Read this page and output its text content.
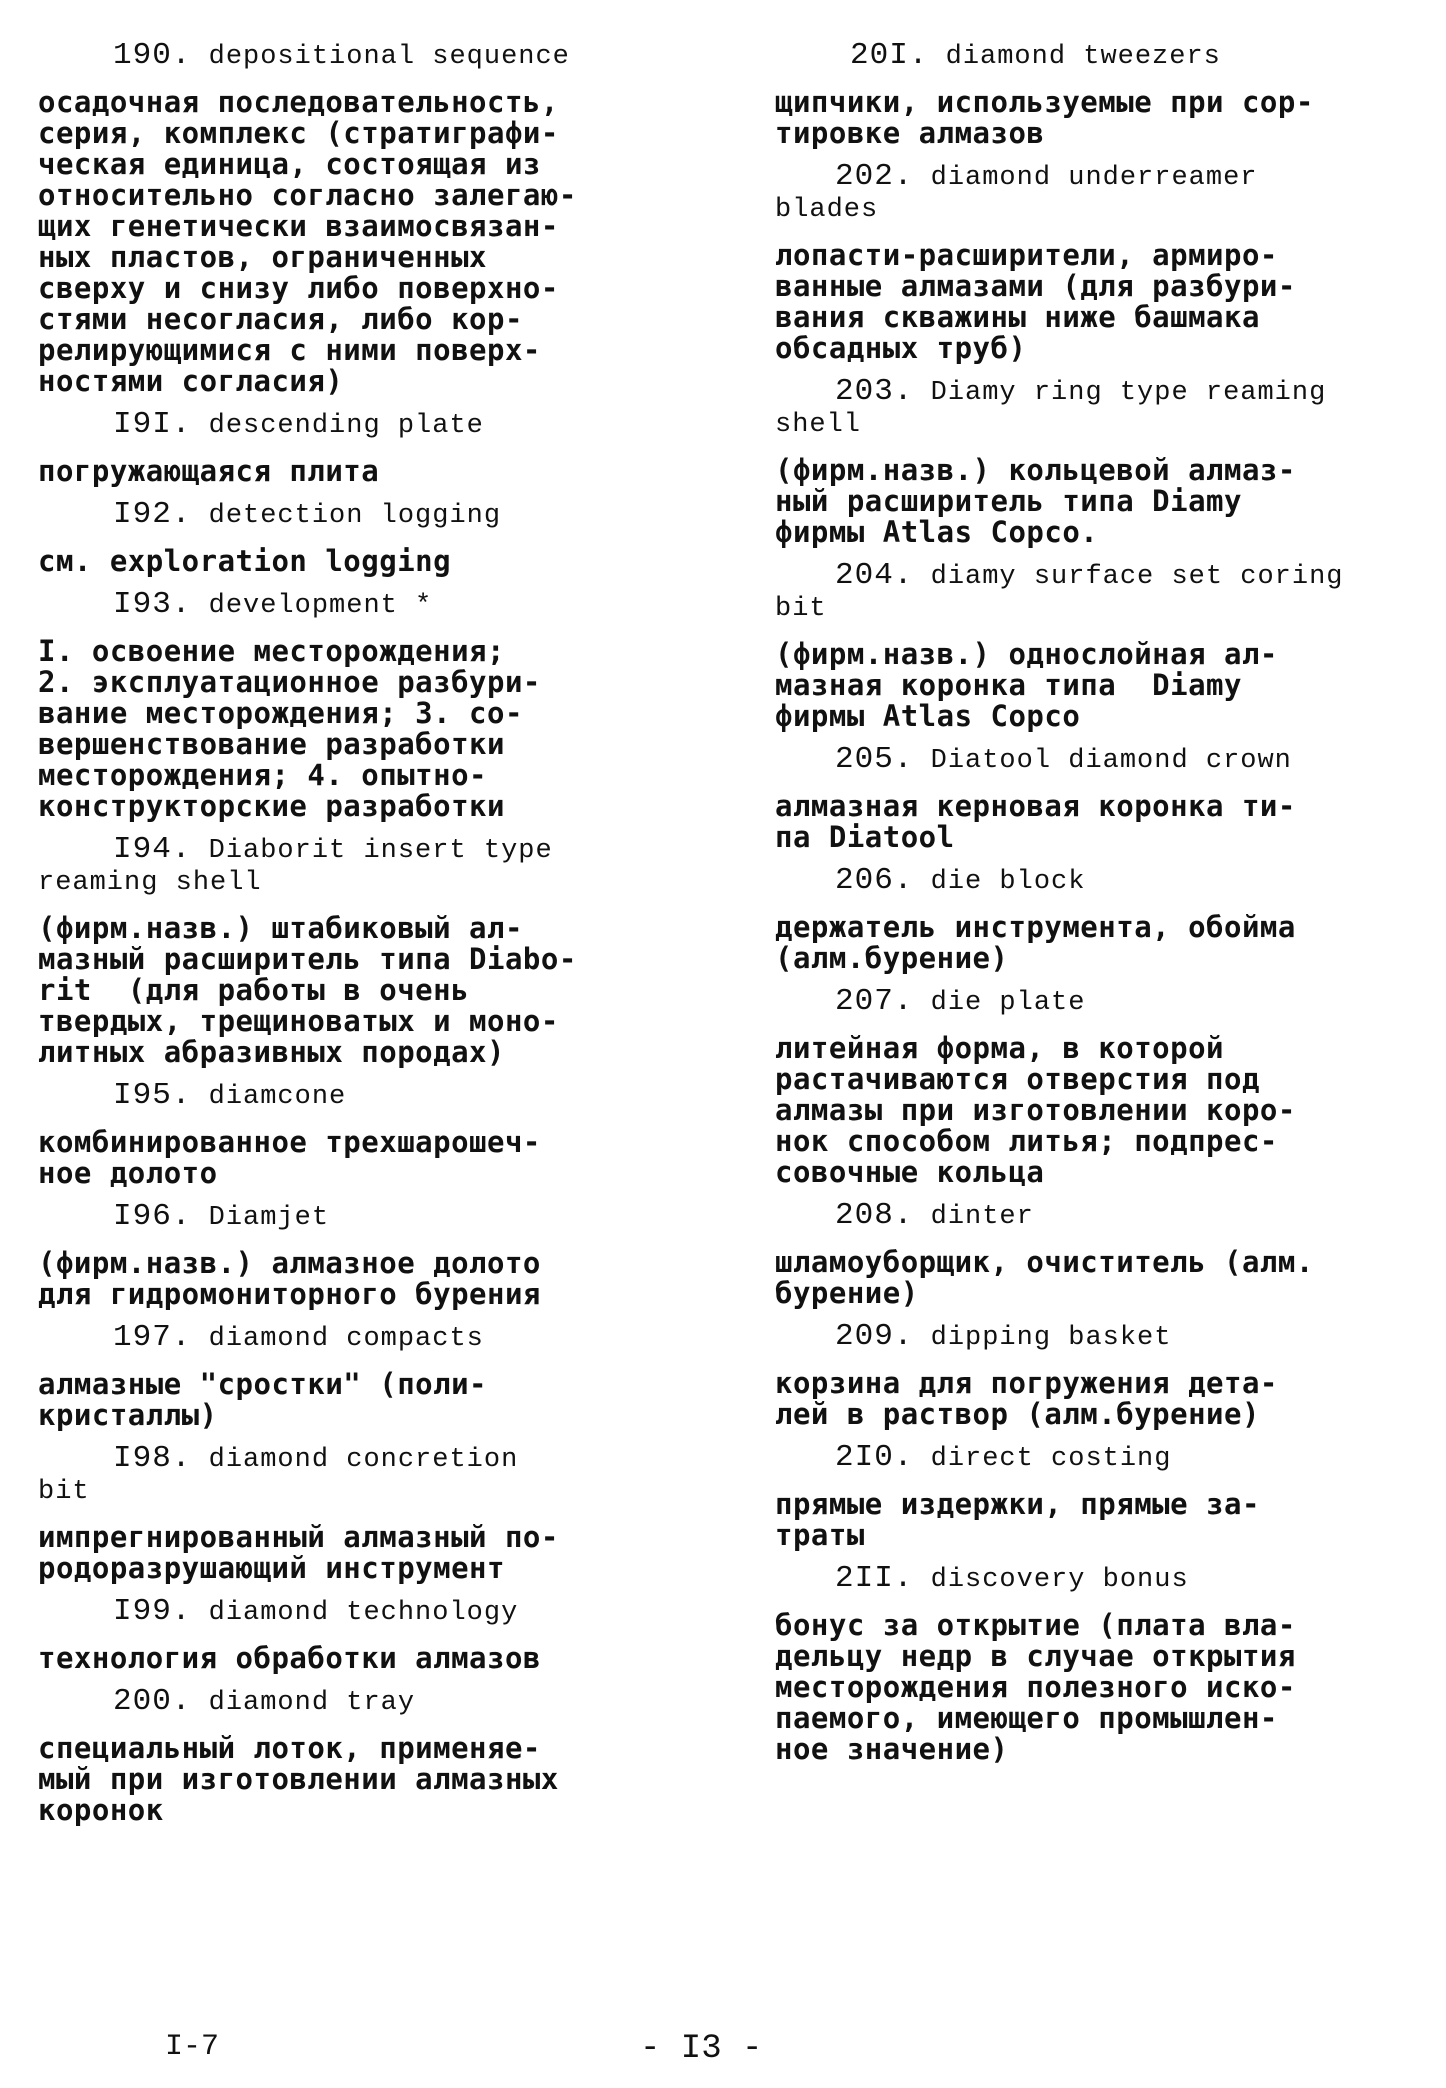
190. depositional sequence

осадочная последовательность,
серия, комплекс (стратиграфи-
ческая единица, состоящая из
относительно согласно залегаю-
щих генетически взаимосвязан-
ных пластов, ограниченных
сверху и снизу либо поверхно-
стями несогласия, либо кор-
релирующимися с ними поверх-
ностями согласия)

I9I. descending plate

погружающаяся плита

I92. detection logging

см. exploration logging

I93. development *

I. освоение месторождения;
2. эксплуатационное разбури-
вание месторождения; 3. со-
вершенствование разработки
месторождения; 4. опытно-
конструкторские разработки

I94. Diaborit insert type
reaming shell

(фирм.назв.) штабиковый ал-
мазный расширитель типа Diabo-
rit  (для работы в очень
твердых, трещиноватых и моно-
литных абразивных породах)

I95. diamcone

комбинированное трехшарошеч-
ное долото

I96. Diamjet

(фирм.назв.) алмазное долото
для гидромониторного бурения

197. diamond compacts

алмазные "сростки" (поли-
кристаллы)

I98. diamond concretion
bit

импрегнированный алмазный по-
родоразрушающий инструмент

I99. diamond technology

технология обработки алмазов

200. diamond tray

специальный лоток, применяе-
мый при изготовлении алмазных
коронок

20I. diamond tweezers

щипчики, используемые при сор-
тировке алмазов

202. diamond underreamer
blades

лопасти-расширители, армиро-
ванные алмазами (для разбури-
вания скважины ниже башмака
обсадных труб)

203. Diamy ring type reaming
shell

(фирм.назв.) кольцевой алмаз-
ный расширитель типа Diamy
фирмы Atlas Copco.

204. diamy surface set coring
bit

(фирм.назв.) однослойная ал-
мазная коронка типа  Diamy
фирмы Atlas Copco

205. Diatool diamond crown

алмазная керновая коронка ти-
па Diatool

206. die block

держатель инструмента, обойма
(алм.бурение)

207. die plate

литейная форма, в которой
растачиваются отверстия под
алмазы при изготовлении коро-
нок способом литья; подпрес-
совочные кольца

208. dinter

шламоуборщик, очиститель (алм.
бурение)

209. dipping basket

корзина для погружения дета-
лей в раствор (алм.бурение)

2I0. direct costing

прямые издержки, прямые за-
траты

2II. discovery bonus

бонус за открытие (плата вла-
дельцу недр в случае открытия
месторождения полезного иско-
паемого, имеющего промышлен-
ное значение)

I-7	- I3 -
